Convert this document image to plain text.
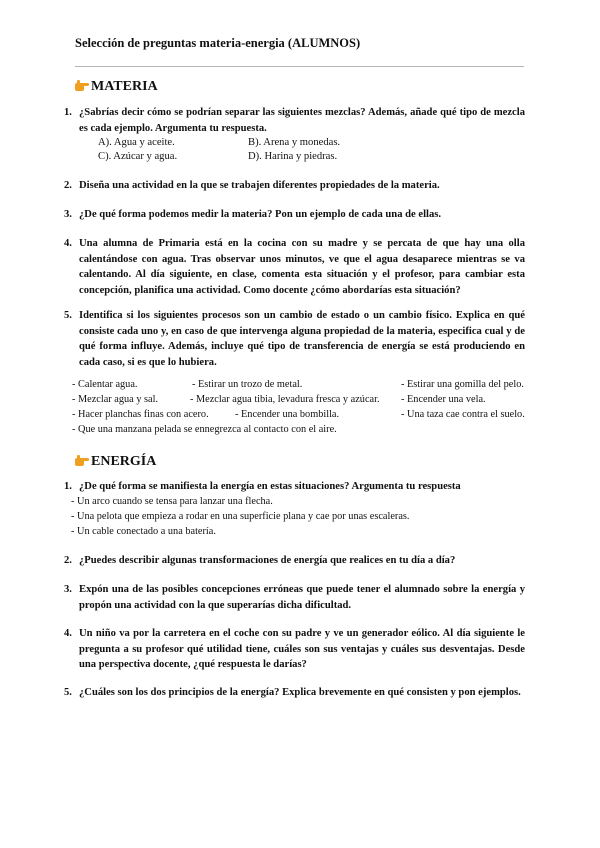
Selección de preguntas materia-energia (ALUMNOS)
MATERIA
1. ¿Sabrías decir cómo se podrían separar las siguientes mezclas? Además, añade qué tipo de mezcla es cada ejemplo. Argumenta tu respuesta.
A). Agua y aceite.	B). Arena y monedas.
C). Azúcar y agua.	D). Harina y piedras.
2. Diseña una actividad en la que se trabajen diferentes propiedades de la materia.
3. ¿De qué forma podemos medir la materia? Pon un ejemplo de cada una de ellas.
4. Una alumna de Primaria está en la cocina con su madre y se percata de que hay una olla calentándose con agua. Tras observar unos minutos, ve que el agua desaparece mientras se va calentando. Al día siguiente, en clase, comenta esta situación y el profesor, para cambiar esta concepción, planifica una actividad. Como docente ¿cómo abordarías esta situación?
5. Identifica si los siguientes procesos son un cambio de estado o un cambio físico. Explica en qué consiste cada uno y, en caso de que intervenga alguna propiedad de la materia, especifica cual y de qué forma influye. Además, incluye qué tipo de transferencia de energía se está produciendo en cada caso, si es que lo hubiera.
- Calentar agua.	- Estirar un trozo de metal.	- Estirar una gomilla del pelo.
- Mezclar agua y sal.	- Mezclar agua tibia, levadura fresca y azúcar. - Encender una vela.
- Hacer planchas finas con acero.	- Encender una bombilla.	- Una taza cae contra el suelo.
- Que una manzana pelada se ennegrezca al contacto con el aire.
ENERGÍA
1. ¿De qué forma se manifiesta la energía en estas situaciones? Argumenta tu respuesta
- Un arco cuando se tensa para lanzar una flecha.
- Una pelota que empieza a rodar en una superficie plana y cae por unas escaleras.
- Un cable conectado a una batería.
2. ¿Puedes describir algunas transformaciones de energía que realices en tu día a día?
3. Expón una de las posibles concepciones erróneas que puede tener el alumnado sobre la energía y propón una actividad con la que superarías dicha dificultad.
4. Un niño va por la carretera en el coche con su padre y ve un generador eólico. Al día siguiente le pregunta a su profesor qué utilidad tiene, cuáles son sus ventajas y cuáles sus desventajas. Desde una perspectiva docente, ¿qué respuesta le darías?
5. ¿Cuáles son los dos principios de la energía? Explica brevemente en qué consisten y pon ejemplos.
